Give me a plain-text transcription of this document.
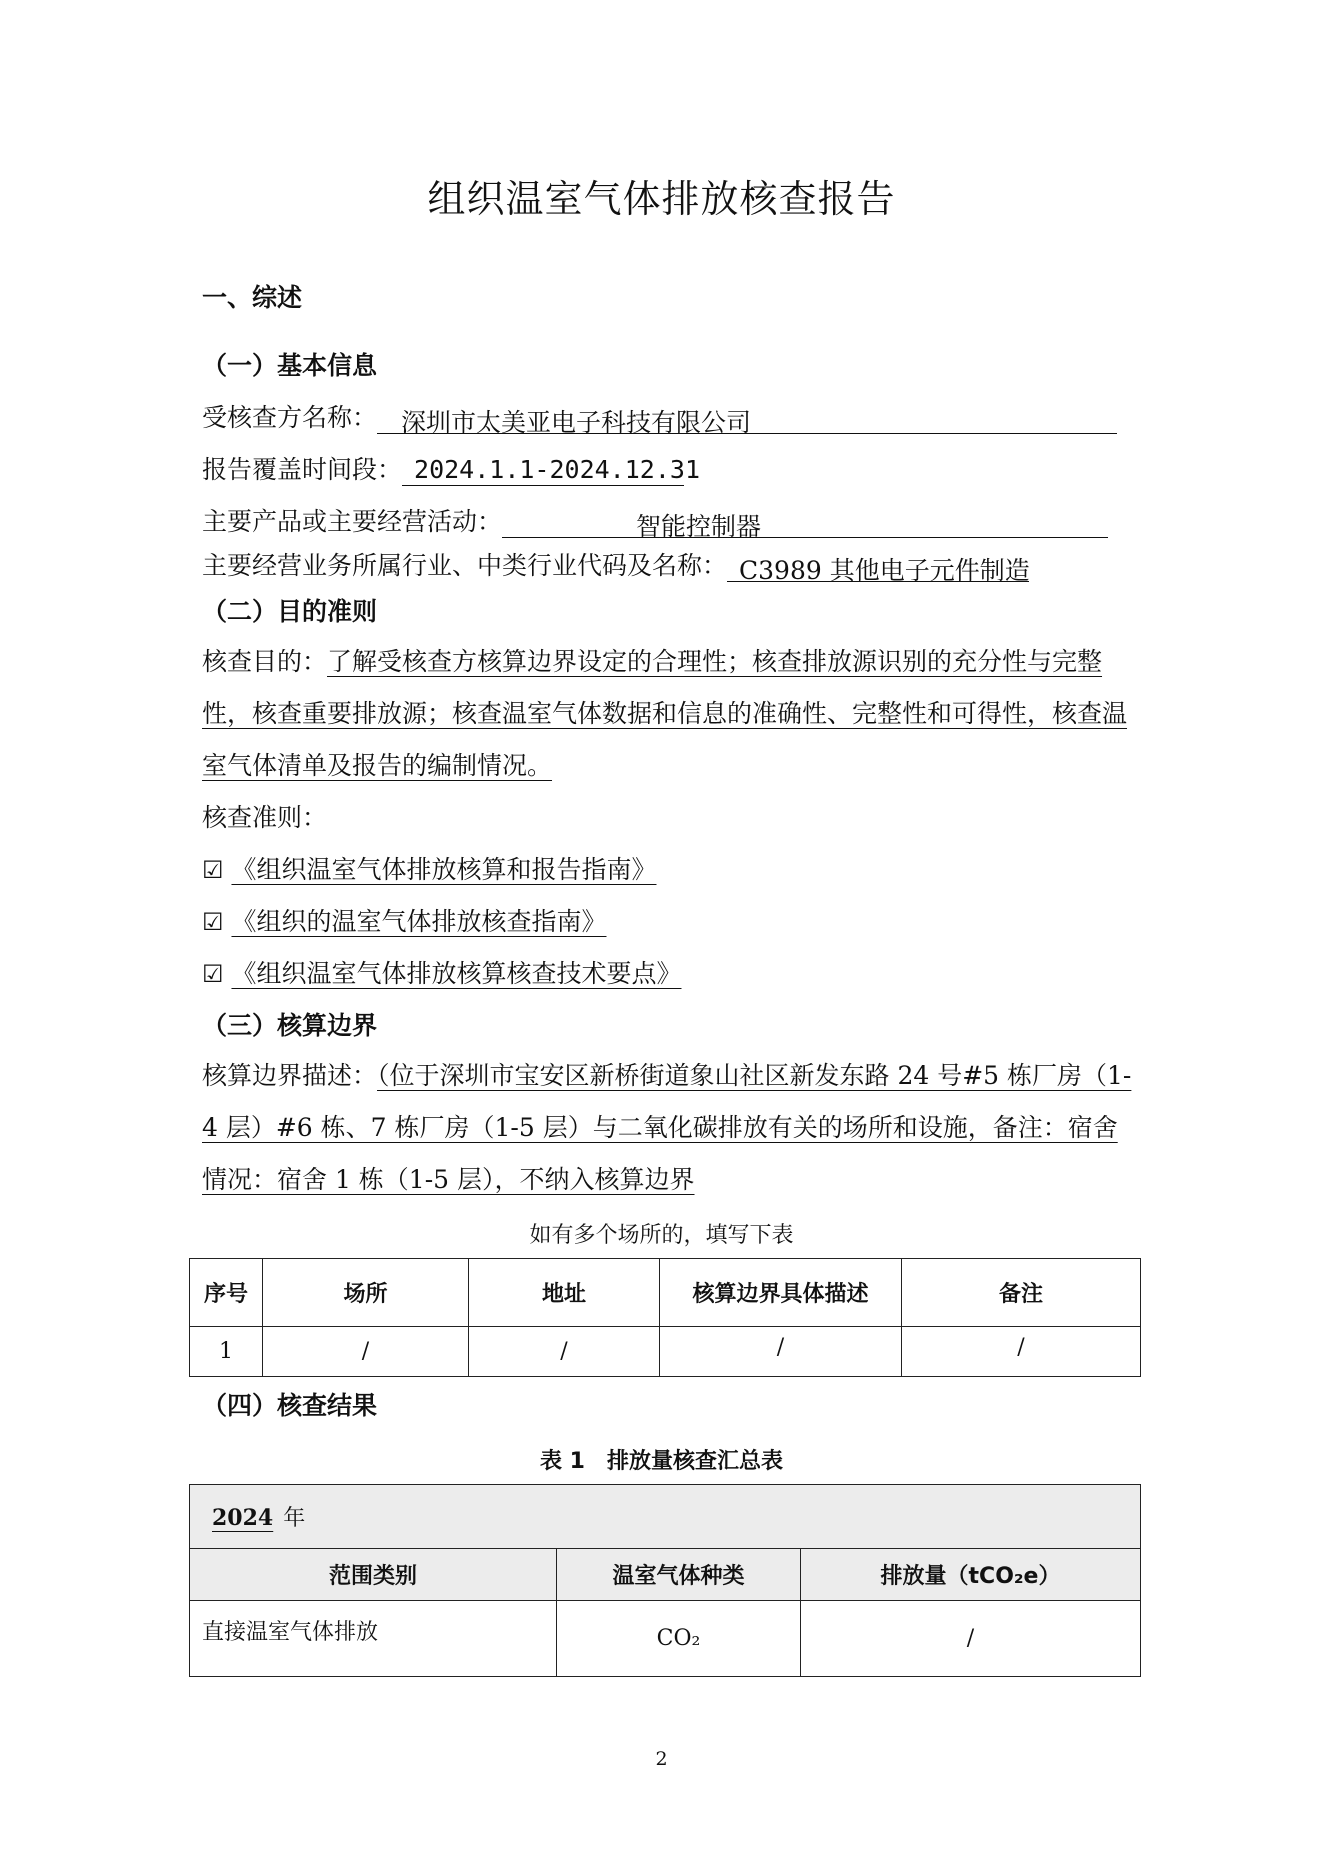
组织温室气体排放核查报告
一、综述
（一）基本信息
受核查方名称： 深圳市太美亚电子科技有限公司
报告覆盖时间段： 2024.1.1-2024.12.31
主要产品或主要经营活动：	智能控制器
主要经营业务所属行业、中类行业代码及名称： C3989 其他电子元件制造
（二）目的准则
核查目的：了解受核查方核算边界设定的合理性；核查排放源识别的充分性与完整性，核查重要排放源；核查温室气体数据和信息的准确性、完整性和可得性，核查温室气体清单及报告的编制情况。
核查准则：
☑ 《组织温室气体排放核算和报告指南》
☑ 《组织的温室气体排放核查指南》
☑ 《组织温室气体排放核算核查技术要点》
（三）核算边界
核算边界描述：（位于深圳市宝安区新桥街道象山社区新发东路 24 号#5 栋厂房（1-4 层）#6 栋、7 栋厂房（1-5 层）与二氧化碳排放有关的场所和设施，备注：宿舍情况：宿舍 1 栋（1-5 层），不纳入核算边界
如有多个场所的，填写下表
序号	场所	地址	核算边界具体描述	备注
1	/	/	/	/
（四）核查结果
表 1　排放量核查汇总表
2024 年		
范围类别	温室气体种类	排放量（tCO₂e）
直接温室气体排放	CO₂	/
2
